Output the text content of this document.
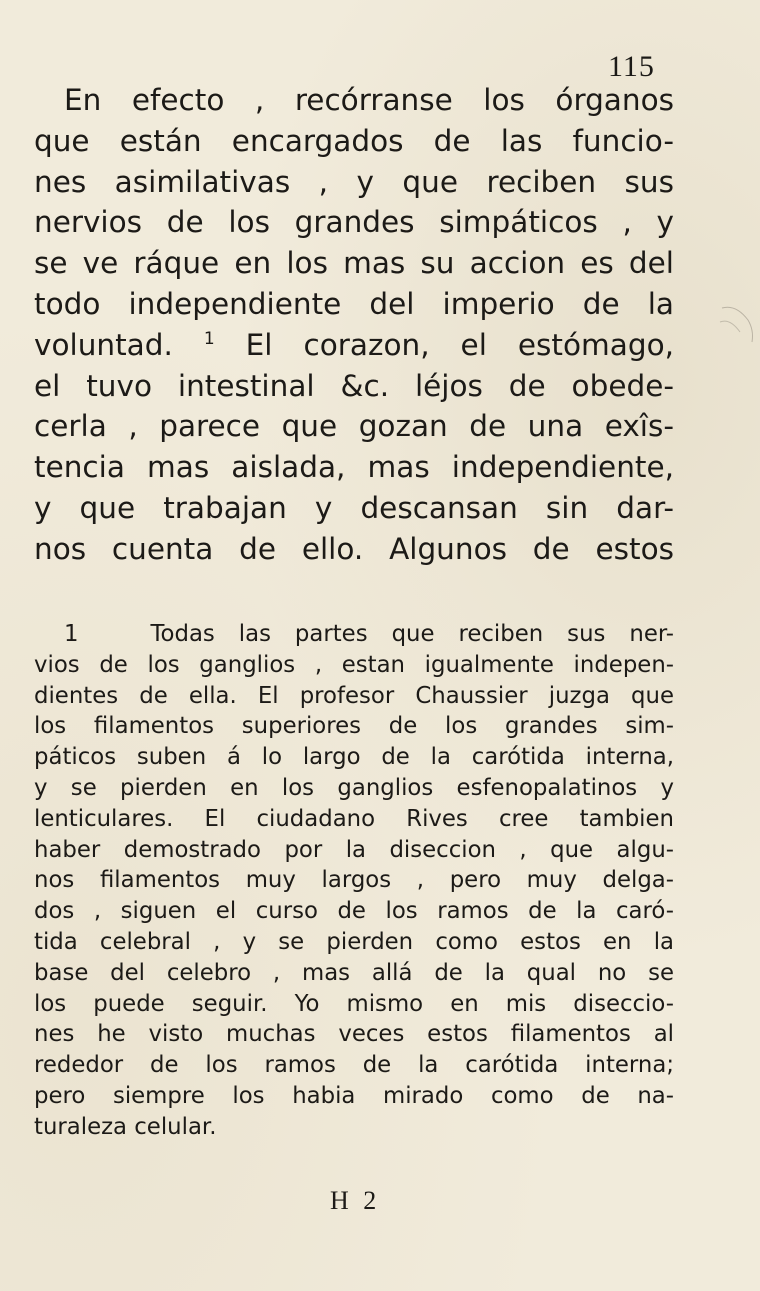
115
En efecto , recórranse los órganos
que están encargados de las funcio-
nes asimilativas , y que reciben sus
nervios de los grandes simpáticos , y
se ve ráque en los mas su accion es del
todo independiente del imperio de la
voluntad. $^1$ El corazon, el estómago,
el tuvo intestinal &c. léjos de obede-
cerla , parece que gozan de una exîs-
tencia mas aislada, mas independiente,
y que trabajan y descansan sin dar-
nos cuenta de ello. Algunos de estos
1	Todas las partes que reciben sus ner-
vios de los ganglios , estan igualmente indepen-
dientes de ella. El profesor Chaussier juzga que
los filamentos superiores de los grandes sim-
páticos suben á lo largo de la carótida interna,
y se pierden en los ganglios esfenopalatinos y
lenticulares. El ciudadano Rives cree tambien
haber demostrado por la diseccion , que algu-
nos filamentos muy largos , pero muy delga-
dos , siguen el curso de los ramos de la caró-
tida celebral , y se pierden como estos en la
base del celebro , mas allá de la qual no se
los puede seguir. Yo mismo en mis diseccio-
nes he visto muchas veces estos filamentos al
rededor de los ramos de la carótida interna;
pero siempre los habia mirado como de na-
turaleza celular.
H 2
